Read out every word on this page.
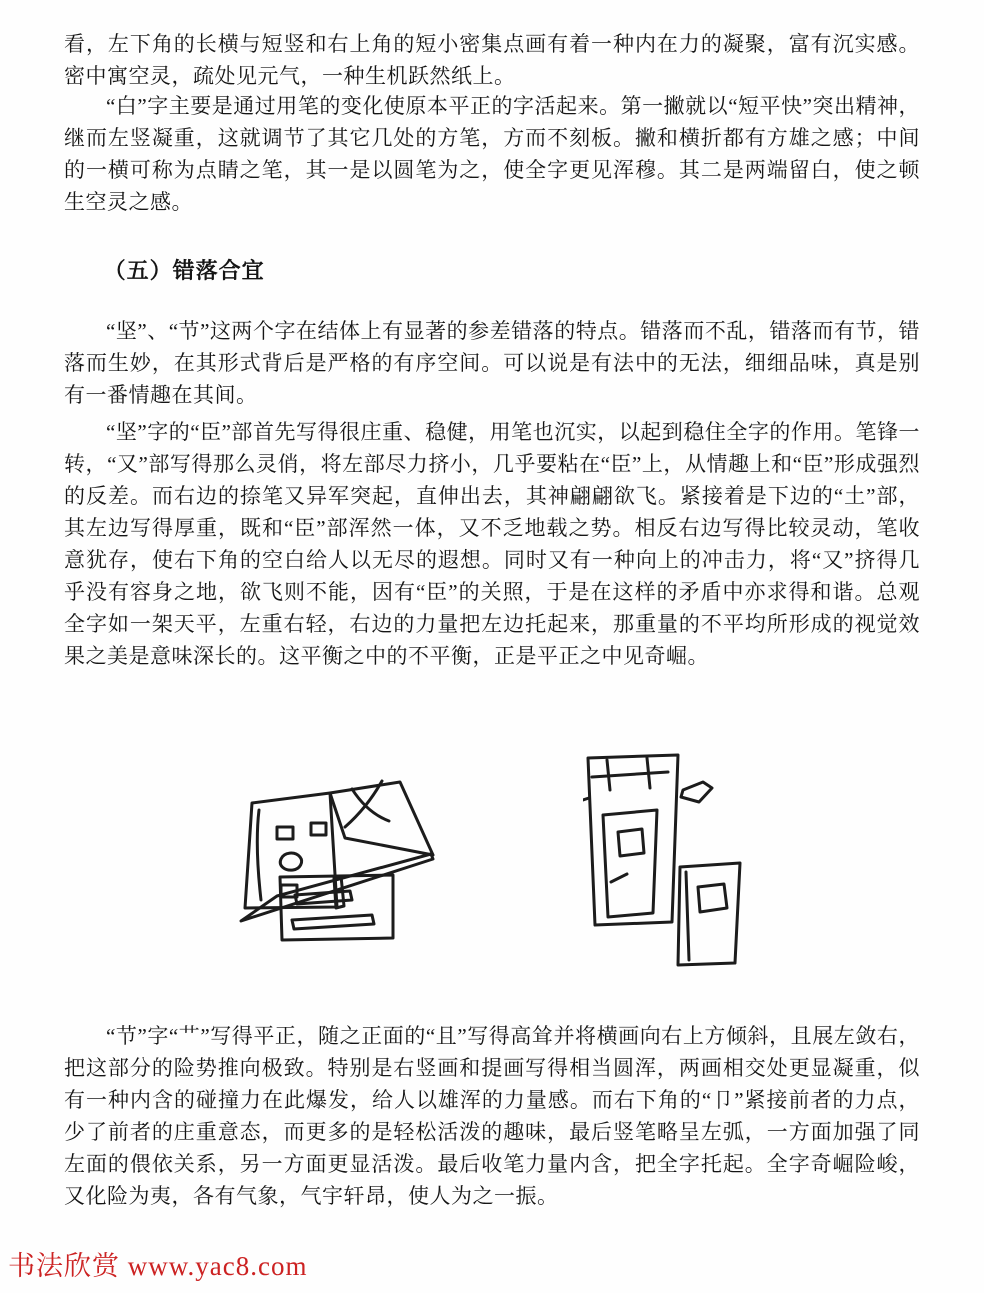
看，左下角的长横与短竖和右上角的短小密集点画有着一种内在力的凝聚，富有沉实感。密中寓空灵，疏处见元气，一种生机跃然纸上。

“白”字主要是通过用笔的变化使原本平正的字活起来。第一撇就以“短平快”突出精神，继而左竖凝重，这就调节了其它几处的方笔，方而不刻板。撇和横折都有方雄之感；中间的一横可称为点睛之笔，其一是以圆笔为之，使全字更见浑穆。其二是两端留白，使之顿生空灵之感。

（五）错落合宜

“坚”、“节”这两个字在结体上有显著的参差错落的特点。错落而不乱，错落而有节，错落而生妙，在其形式背后是严格的有序空间。可以说是有法中的无法，细细品味，真是别有一番情趣在其间。

“坚”字的“臣”部首先写得很庄重、稳健，用笔也沉实，以起到稳住全字的作用。笔锋一转，“又”部写得那么灵俏，将左部尽力挤小，几乎要粘在“臣”上，从情趣上和“臣”形成强烈的反差。而右边的捺笔又异军突起，直伸出去，其神翩翩欲飞。紧接着是下边的“土”部，其左边写得厚重，既和“臣”部浑然一体，又不乏地载之势。相反右边写得比较灵动，笔收意犹存，使右下角的空白给人以无尽的遐想。同时又有一种向上的冲击力，将“又”挤得几乎没有容身之地，欲飞则不能，因有“臣”的关照，于是在这样的矛盾中亦求得和谐。总观全字如一架天平，左重右轻，右边的力量把左边托起来，那重量的不平均所形成的视觉效果之美是意味深长的。这平衡之中的不平衡，正是平正之中见奇崛。

“节”字“艹”写得平正，随之正面的“且”写得高耸并将横画向右上方倾斜，且展左敛右，把这部分的险势推向极致。特别是右竖画和提画写得相当圆浑，两画相交处更显凝重，似有一种内含的碰撞力在此爆发，给人以雄浑的力量感。而右下角的“卩”紧接前者的力点，少了前者的庄重意态，而更多的是轻松活泼的趣味，最后竖笔略呈左弧，一方面加强了同左面的偎依关系，另一方面更显活泼。最后收笔力量内含，把全字托起。全字奇崛险峻，又化险为夷，各有气象，气宇轩昂，使人为之一振。

书法欣赏 www.yac8.com
